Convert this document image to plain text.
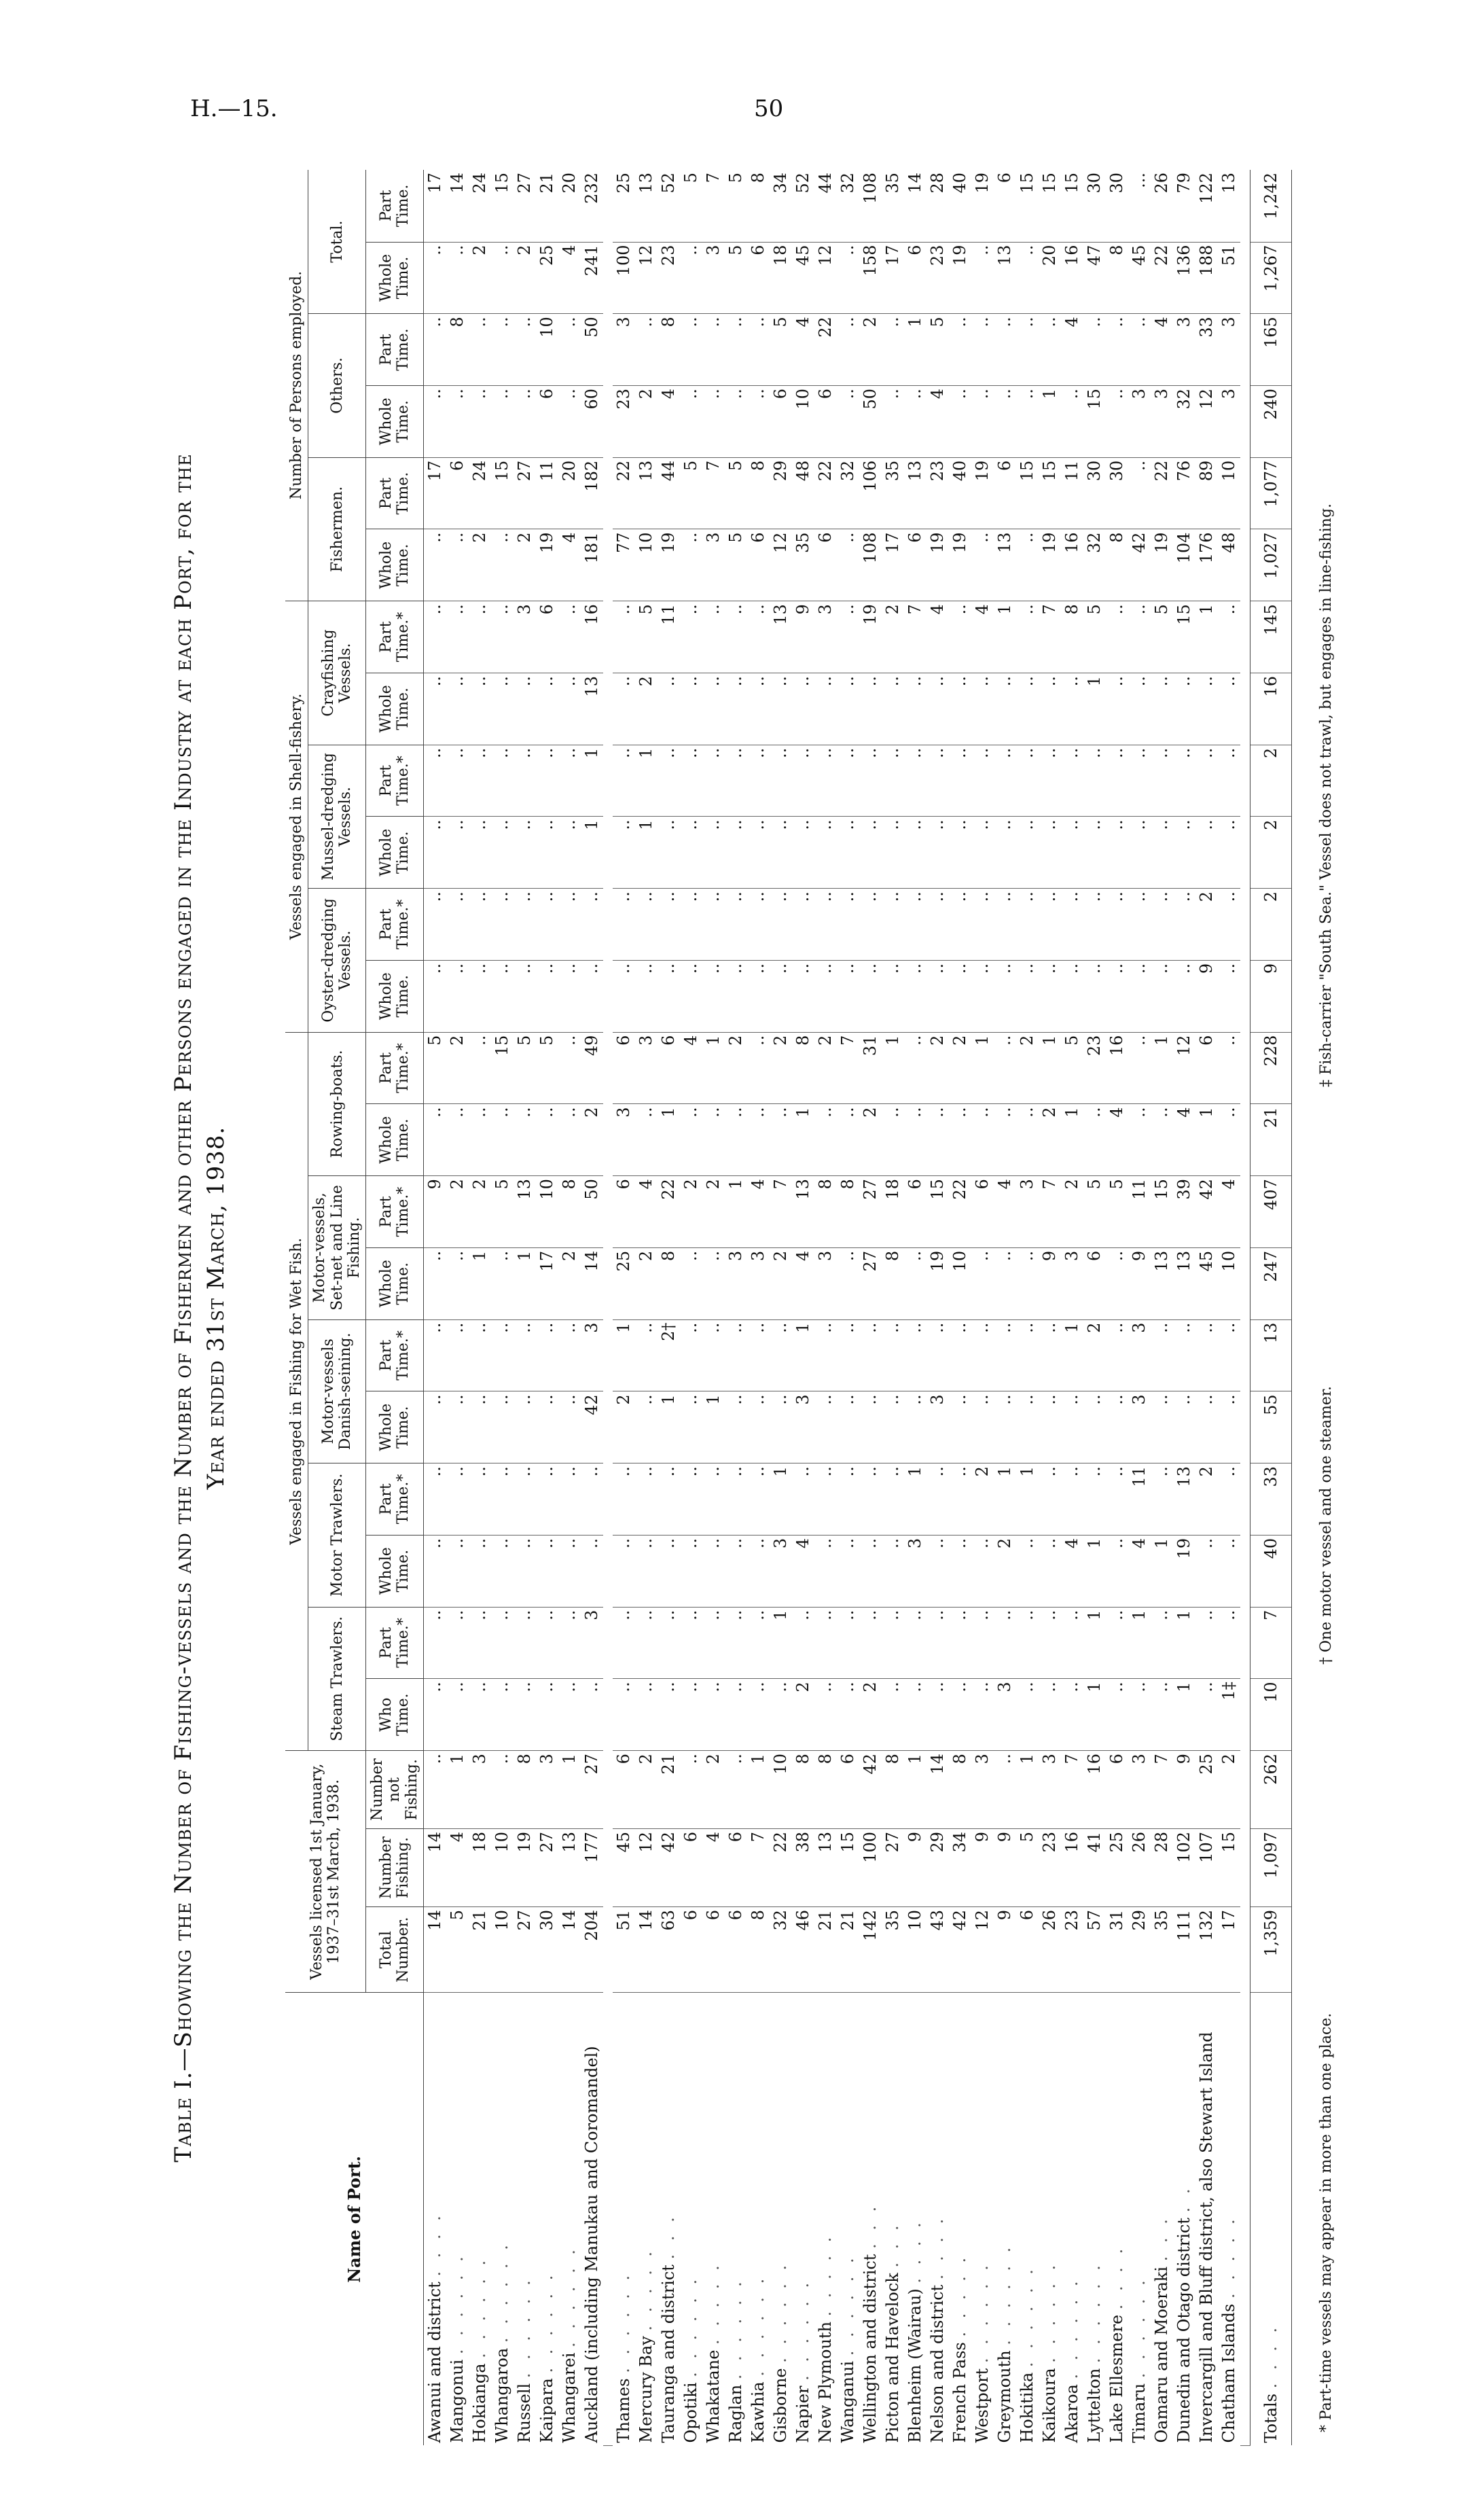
H.—15.	50
Table I.—Showing the Number of Fishing-vessels and the Number of Fishermen and other Persons engaged in the Industry at each Port, for the Year ended 31st March, 1938.
Name of Port.	Vessels licensed 1st January, 1937–31st March, 1938.			Vessels engaged in Fishing for Wet Fish.										Vessels engaged in Shell-fishery.						Number of Persons employed.					
				Steam Trawlers.		Motor Trawlers.		Motor-vessels Danish-seining.		Motor-vessels, Set-net and Line Fishing.		Rowing-boats.		Oyster-dredging Vessels.		Mussel-dredging Vessels.		Crayfishing Vessels.		Fishermen.		Others.		Total.	
	Total Number.	Number Fishing.	Number not Fishing.	Who Time.	Part Time.*	Whole Time.	Part Time.*	Whole Time.	Part Time.*	Whole Time.	Part Time.*	Whole Time.	Part Time.*	Whole Time.	Part Time.*	Whole Time.	Part Time.*	Whole Time.	Part Time.*	Whole Time.	Part Time.	Whole Time.	Part Time.	Whole Time.	Part Time.
Awanui and district . . . .	14	14	..	..	..	..	..	..	..	..	9	..	5	..	..	..	..	..	..	..	17	..	..	..	17
Mangonui . . . . . .	5	4	1	..	..	..	..	..	..	..	2	..	2	..	..	..	..	..	..	..	6	..	8	..	14
Hokianga . . . . . .	21	18	3	..	..	..	..	..	..	1	2	..	..	..	..	..	..	..	..	2	24	..	..	2	24
Whangaroa . . . . . .	10	10	..	..	..	..	..	..	..	..	5	..	15	..	..	..	..	..	..	..	15	..	..	..	15
Russell . . . . . .	27	19	8	..	..	..	..	..	..	1	13	..	5	..	..	..	..	..	3	2	27	..	..	2	27
Kaipara . . . . . .	30	27	3	..	..	..	..	..	..	17	10	..	5	..	..	..	..	..	6	19	11	6	10	25	21
Whangarei . . . . . .	14	13	1	..	..	..	..	..	..	2	8	..	..	..	..	..	..	..	..	4	20	..	..	4	20
Auckland (including Manukau and Coromandel)	204	177	27	..	3	..	..	42	3	14	50	2	49	..	..	1	1	13	16	181	182	60	50	241	232

Thames . . . . . .	51	45	6	..	..	..	..	2	1	25	6	3	6	..	..	..	..	..	..	77	22	23	3	100	25
Mercury Bay . . . . .	14	12	2	..	..	..	..	..	..	2	4	..	3	..	..	1	1	2	5	10	13	2	..	12	13
Tauranga and district . . .	63	42	21	..	..	..	..	1	2†	8	22	1	6	..	..	..	..	..	11	19	44	4	8	23	52
Opotiki . . . . . .	6	6	..	..	..	..	..	..	..	..	2	..	4	..	..	..	..	..	..	..	5	..	..	..	5
Whakatane . . . . .	6	4	2	..	..	..	..	1	..	..	2	..	1	..	..	..	..	..	..	3	7	..	..	3	7
Raglan . . . . . .	6	6	..	..	..	..	..	..	..	3	1	..	2	..	..	..	..	..	..	5	5	..	..	5	5
Kawhia . . . . . .	8	7	1	..	..	..	..	..	..	3	4	..	..	..	..	..	..	..	..	6	8	..	..	6	8
Gisborne . . . . . .	32	22	10	..	1	3	1	..	..	2	7	..	2	..	..	..	..	..	13	12	29	6	5	18	34
Napier . . . . . .	46	38	8	2	..	4	..	3	1	4	13	1	8	..	..	..	..	..	9	35	48	10	4	45	52
New Plymouth . . . . .	21	13	8	..	..	..	..	..	..	3	8	..	2	..	..	..	..	..	3	6	22	6	22	12	44
Wanganui . . . . . .	21	15	6	..	..	..	..	..	..	..	8	..	7	..	..	..	..	..	..	..	32	..	..	..	32
Wellington and district . . .	142	100	42	2	..	..	..	..	..	27	27	2	31	..	..	..	..	..	19	108	106	50	2	158	108
Picton and Havelock . . .	35	27	8	..	..	..	..	..	..	8	18	..	1	..	..	..	..	..	2	17	35	..	..	17	35
Blenheim (Wairau) . . . .	10	9	1	..	..	3	1	..	..	..	6	..	..	..	..	..	..	..	7	6	13	..	1	6	14
Nelson and district . . . .	43	29	14	..	..	..	..	3	..	19	15	..	2	..	..	..	..	..	4	19	23	4	5	23	28
French Pass . . . . .	42	34	8	..	..	..	..	..	..	10	22	..	2	..	..	..	..	..	..	19	40	..	..	19	40
Westport . . . . . .	12	9	3	..	..	..	2	..	..	..	6	..	1	..	..	..	..	..	4	..	19	..	..	..	19
Greymouth . . . . . .	9	9	..	3	..	2	1	..	..	..	4	..	..	..	..	..	..	..	1	13	6	..	..	13	6
Hokitika . . . . . .	6	5	1	..	..	..	1	..	..	..	3	..	2	..	..	..	..	..	..	..	15	..	..	..	15
Kaikoura . . . . . .	26	23	3	..	..	..	..	..	..	9	7	2	1	..	..	..	..	..	7	19	15	1	..	20	15
Akaroa . . . . . .	23	16	7	..	..	4	..	..	1	3	2	1	5	..	..	..	..	..	8	16	11	..	4	16	15
Lyttelton . . . . . .	57	41	16	1	1	1	..	..	2	6	5	..	23	..	..	..	..	1	5	32	30	15	..	47	30
Lake Ellesmere . . . .	31	25	6	..	..	..	..	..	..	..	5	4	16	..	..	..	..	..	..	8	30	..	..	8	30
Timaru . . . . . .	29	26	3	..	1	4	11	3	3	9	11	..	..	..	..	..	..	..	..	42	..	3	..	45	...
Oamaru and Moeraki . . .	35	28	7	..	..	1	..	..	..	13	15	..	1	..	..	..	..	..	5	19	22	3	4	22	26
Dunedin and Otago district . .	111	102	9	1	1	19	13	..	..	13	39	4	12	..	..	..	..	..	15	104	76	32	3	136	79
Invercargill and Bluff district, also Stewart Island	132	107	25	..	..	..	2	..	..	45	42	1	6	9	2	..	..	..	1	176	89	12	33	188	122
Chatham Islands . . . . .	17	15	2	1‡	..	..	..	..	..	10	4	..	..	..	..	..	..	..	..	48	10	3	3	51	13

Totals . . . .	1,359	1,097	262	10	7	40	33	55	13	247	407	21	228	9	2	2	2	16	145	1,027	1,077	240	165	1,267	1,242
* Part-time vessels may appear in more than one place.
† One motor vessel and one steamer.
‡ Fish-carrier "South Sea." Vessel does not trawl, but engages in line-fishing.
